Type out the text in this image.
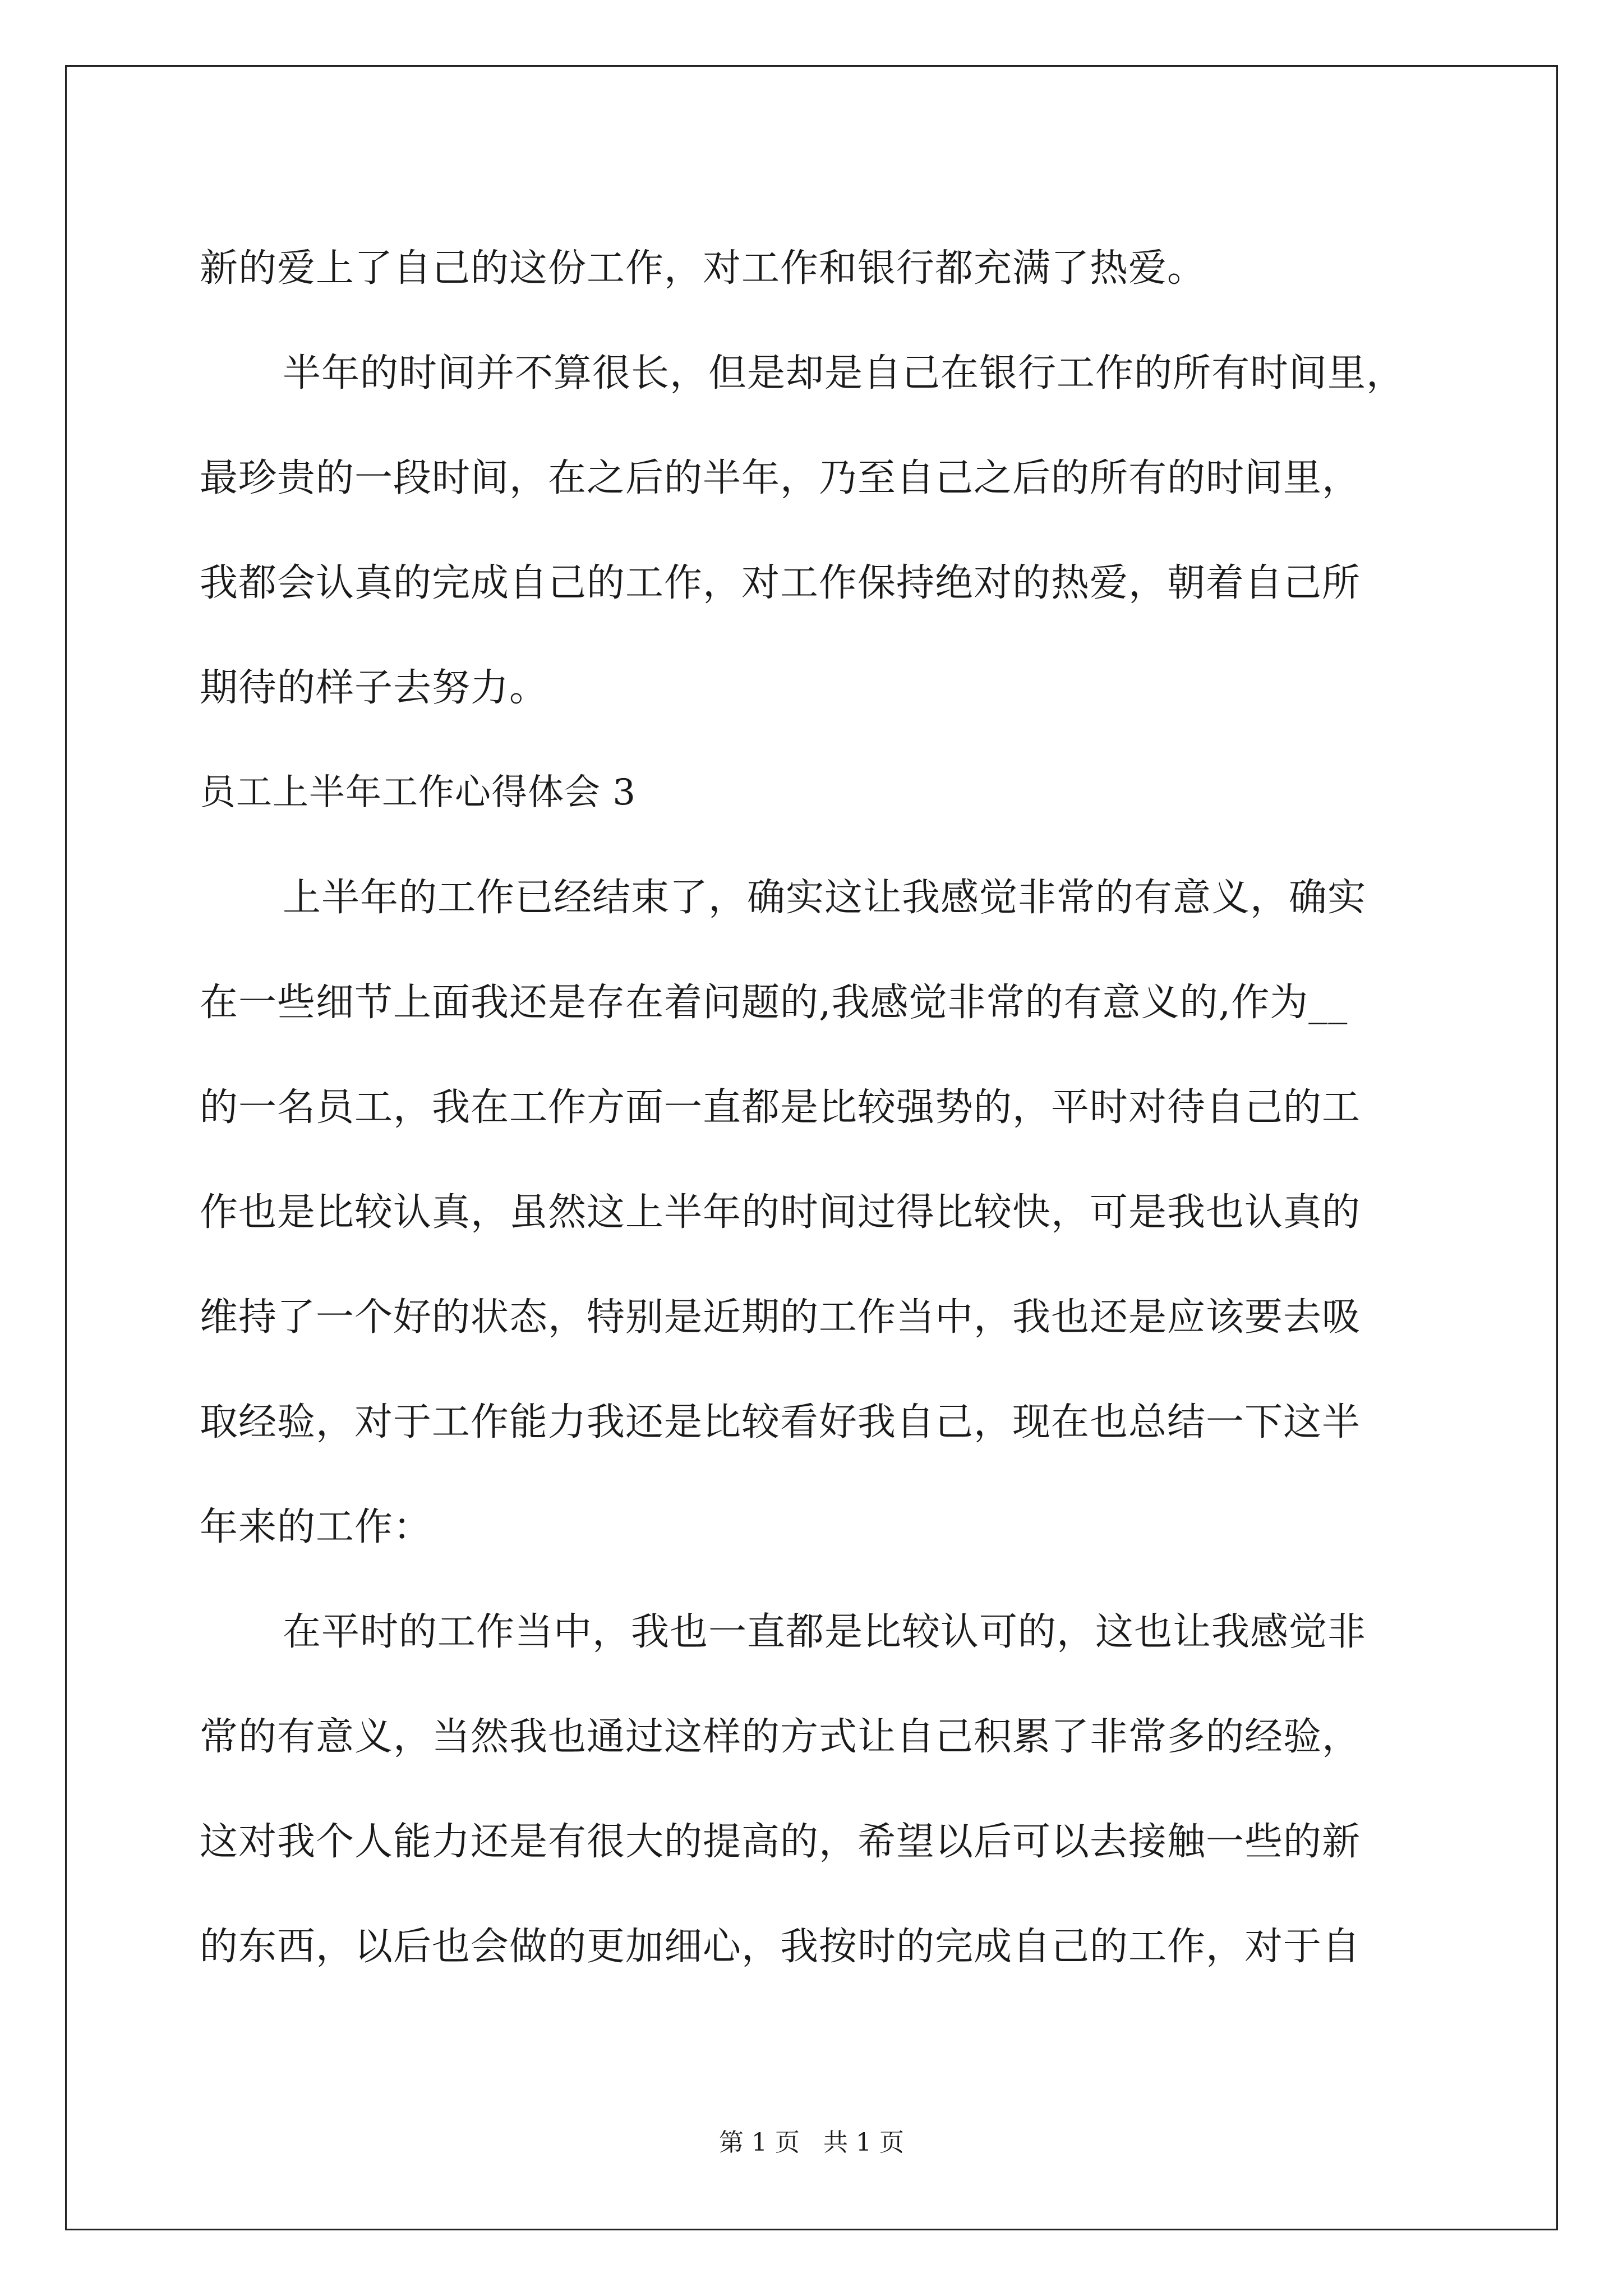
新的爱上了自己的这份工作，对工作和银行都充满了热爱。
半年的时间并不算很长，但是却是自己在银行工作的所有时间里，
最珍贵的一段时间，在之后的半年，乃至自己之后的所有的时间里，
我都会认真的完成自己的工作，对工作保持绝对的热爱，朝着自己所
期待的样子去努力。
员工上半年工作心得体会 3
上半年的工作已经结束了，确实这让我感觉非常的有意义，确实
在一些细节上面我还是存在着问题的,我感觉非常的有意义的,作为__
的一名员工，我在工作方面一直都是比较强势的，平时对待自己的工
作也是比较认真，虽然这上半年的时间过得比较快，可是我也认真的
维持了一个好的状态，特别是近期的工作当中，我也还是应该要去吸
取经验，对于工作能力我还是比较看好我自己，现在也总结一下这半
年来的工作：
在平时的工作当中，我也一直都是比较认可的，这也让我感觉非
常的有意义，当然我也通过这样的方式让自己积累了非常多的经验，
这对我个人能力还是有很大的提高的，希望以后可以去接触一些的新
的东西，以后也会做的更加细心，我按时的完成自己的工作，对于自
第 1 页   共 1 页
